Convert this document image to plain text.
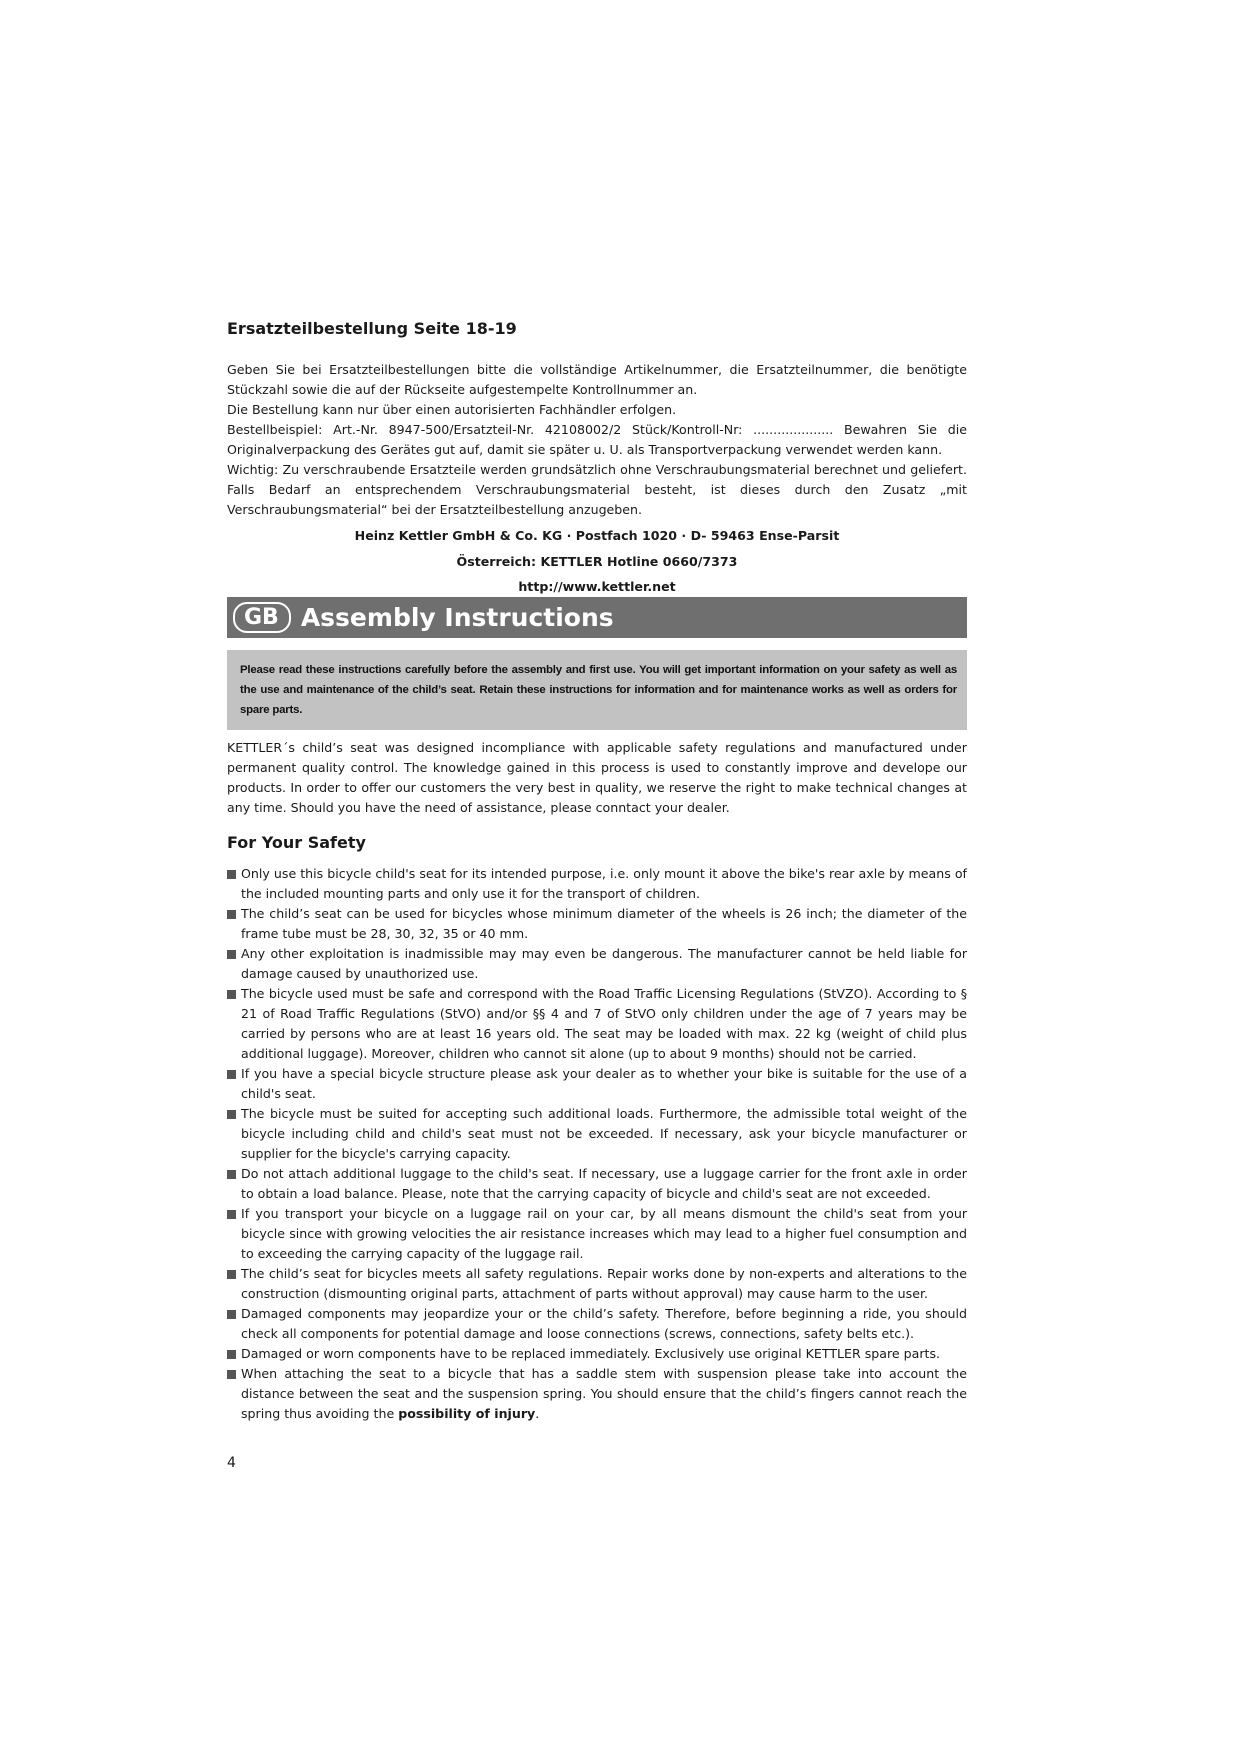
Ersatzteilbestellung Seite 18-19

Geben Sie bei Ersatzteilbestellungen bitte die vollständige Artikelnummer, die Ersatzteilnummer, die benötigte Stückzahl sowie die auf der Rückseite aufgestempelte Kontrollnummer an.

Die Bestellung kann nur über einen autorisierten Fachhändler erfolgen.

Bestellbeispiel: Art.-Nr. 8947-500/Ersatzteil-Nr. 42108002/2 Stück/Kontroll-Nr: .................... Bewahren Sie die Originalverpackung des Gerätes gut auf, damit sie später u. U. als Transportverpackung verwendet werden kann.

Wichtig: Zu verschraubende Ersatzteile werden grundsätzlich ohne Verschraubungsmaterial berechnet und geliefert. Falls Bedarf an entsprechendem Verschraubungsmaterial besteht, ist dieses durch den Zusatz „mit Verschraubungsmaterial“ bei der Ersatzteilbestellung anzugeben.

Heinz Kettler GmbH & Co. KG · Postfach 1020 · D- 59463 Ense-Parsit

Österreich: KETTLER Hotline 0660/7373

http://www.kettler.net

GB Assembly Instructions
Please read these instructions carefully before the assembly and first use. You will get important information on your safety as well as the use and maintenance of the child’s seat. Retain these instructions for information and for maintenance works as well as orders for spare parts.

KETTLER´s child’s seat was designed incompliance with applicable safety regulations and manufactured under permanent quality control. The knowledge gained in this process is used to constantly improve and develope our products. In order to offer our customers the very best in quality, we reserve the right to make technical changes at any time. Should you have the need of assistance, please conntact your dealer.

For Your Safety
Only use this bicycle child's seat for its intended purpose, i.e. only mount it above the bike's rear axle by means of the included mounting parts and only use it for the transport of children.
The child’s seat can be used for bicycles whose minimum diameter of the wheels is 26 inch; the diameter of the frame tube must be 28, 30, 32, 35 or 40 mm.
Any other exploitation is inadmissible may may even be dangerous. The manufacturer cannot be held liable for damage caused by unauthorized use.
The bicycle used must be safe and correspond with the Road Traffic Licensing Regulations (StVZO). According to § 21 of Road Traffic Regulations (StVO) and/or §§ 4 and 7 of StVO only children under the age of 7 years may be carried by persons who are at least 16 years old. The seat may be loaded with max. 22 kg (weight of child plus additional luggage). Moreover, children who cannot sit alone (up to about 9 months) should not be carried.
If you have a special bicycle structure please ask your dealer as to whether your bike is suitable for the use of a child's seat.
The bicycle must be suited for accepting such additional loads. Furthermore, the admissible total weight of the bicycle including child and child's seat must not be exceeded. If necessary, ask your bicycle manufacturer or supplier for the bicycle's carrying capacity.
Do not attach additional luggage to the child's seat. If necessary, use a luggage carrier for the front axle in order to obtain a load balance. Please, note that the carrying capacity of bicycle and child's seat are not exceeded.
If you transport your bicycle on a luggage rail on your car, by all means dismount the child's seat from your bicycle since with growing velocities the air resistance increases which may lead to a higher fuel consumption and to exceeding the carrying capacity of the luggage rail.
The child’s seat for bicycles meets all safety regulations. Repair works done by non-experts and alterations to the construction (dismounting original parts, attachment of parts without approval) may cause harm to the user.
Damaged components may jeopardize your or the child’s safety. Therefore, before beginning a ride, you should check all components for potential damage and loose connections (screws, connections, safety belts etc.).
Damaged or worn components have to be replaced immediately. Exclusively use original KETTLER spare parts.
When attaching the seat to a bicycle that has a saddle stem with suspension please take into account the distance between the seat and the suspension spring. You should ensure that the child’s fingers cannot reach the spring thus avoiding the possibility of injury.
4
